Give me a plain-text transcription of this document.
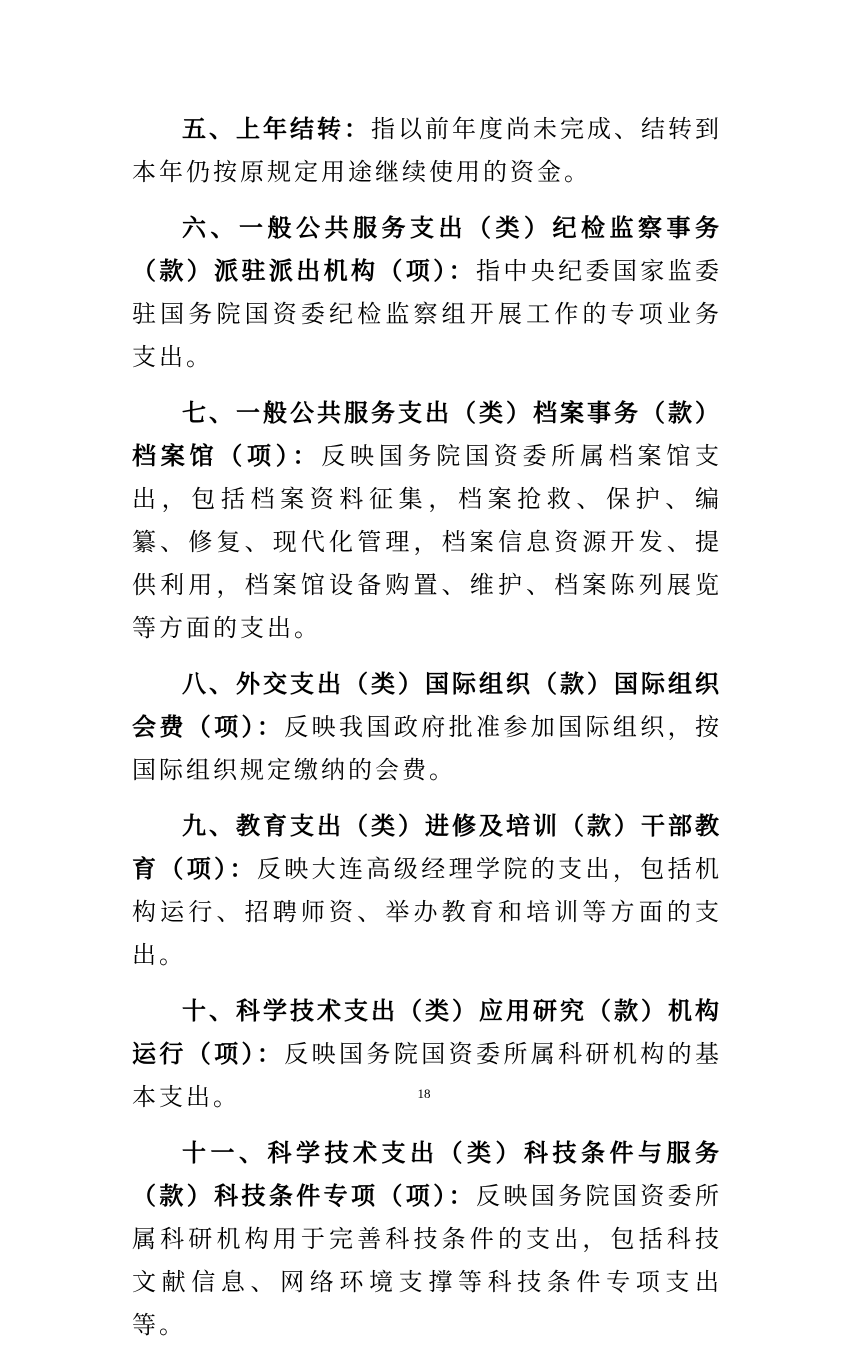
五、上年结转：指以前年度尚未完成、结转到本年仍按原规定用途继续使用的资金。

六、一般公共服务支出（类）纪检监察事务（款）派驻派出机构（项）：指中央纪委国家监委驻国务院国资委纪检监察组开展工作的专项业务支出。

七、一般公共服务支出（类）档案事务（款）档案馆（项）：反映国务院国资委所属档案馆支出，包括档案资料征集，档案抢救、保护、编纂、修复、现代化管理，档案信息资源开发、提供利用，档案馆设备购置、维护、档案陈列展览等方面的支出。

八、外交支出（类）国际组织（款）国际组织会费（项）：反映我国政府批准参加国际组织，按国际组织规定缴纳的会费。

九、教育支出（类）进修及培训（款）干部教育（项）：反映大连高级经理学院的支出，包括机构运行、招聘师资、举办教育和培训等方面的支出。

十、科学技术支出（类）应用研究（款）机构运行（项）：反映国务院国资委所属科研机构的基本支出。

十一、科学技术支出（类）科技条件与服务（款）科技条件专项（项）：反映国务院国资委所属科研机构用于完善科技条件的支出，包括科技文献信息、网络环境支撑等科技条件专项支出等。

18
